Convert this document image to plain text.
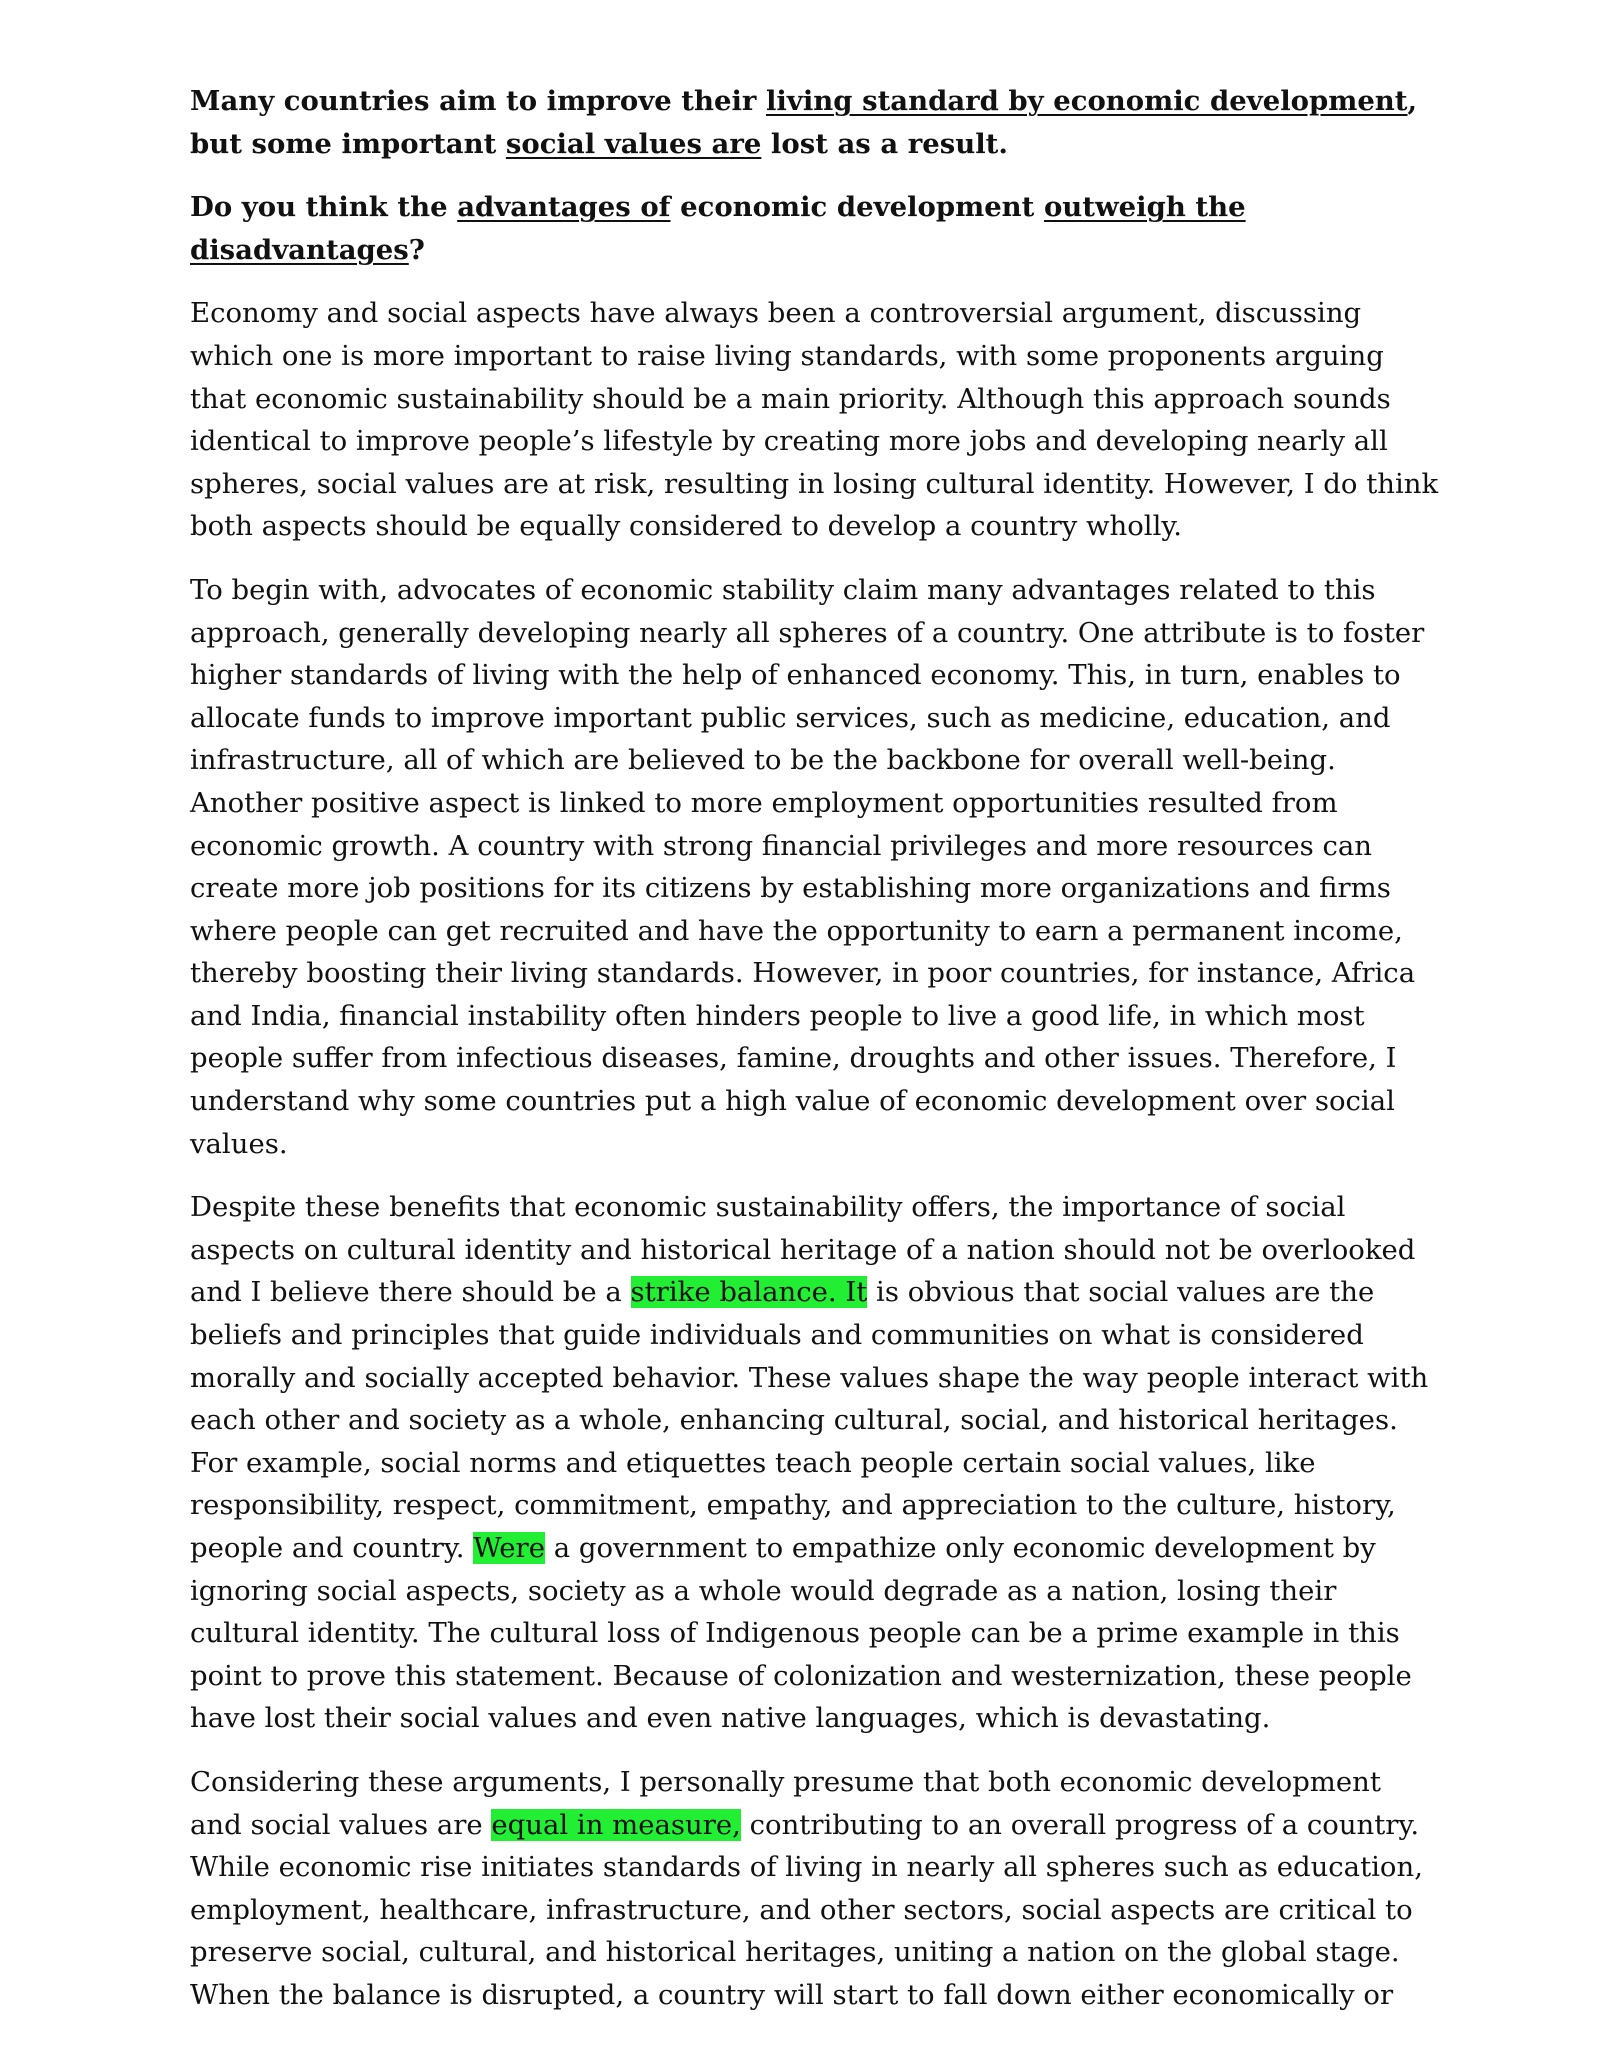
Many countries aim to improve their living standard by economic development, but some important social values are lost as a result.

Do you think the advantages of economic development outweigh the disadvantages?

Economy and social aspects have always been a controversial argument, discussing which one is more important to raise living standards, with some proponents arguing that economic sustainability should be a main priority. Although this approach sounds identical to improve people’s lifestyle by creating more jobs and developing nearly all spheres, social values are at risk, resulting in losing cultural identity. However, I do think both aspects should be equally considered to develop a country wholly.

To begin with, advocates of economic stability claim many advantages related to this approach, generally developing nearly all spheres of a country. One attribute is to foster higher standards of living with the help of enhanced economy. This, in turn, enables to allocate funds to improve important public services, such as medicine, education, and infrastructure, all of which are believed to be the backbone for overall well-being. Another positive aspect is linked to more employment opportunities resulted from economic growth. A country with strong financial privileges and more resources can create more job positions for its citizens by establishing more organizations and firms where people can get recruited and have the opportunity to earn a permanent income, thereby boosting their living standards. However, in poor countries, for instance, Africa and India, financial instability often hinders people to live a good life, in which most people suffer from infectious diseases, famine, droughts and other issues. Therefore, I understand why some countries put a high value of economic development over social values.

Despite these benefits that economic sustainability offers, the importance of social aspects on cultural identity and historical heritage of a nation should not be overlooked and I believe there should be a strike balance. It is obvious that social values are the beliefs and principles that guide individuals and communities on what is considered morally and socially accepted behavior. These values shape the way people interact with each other and society as a whole, enhancing cultural, social, and historical heritages. For example, social norms and etiquettes teach people certain social values, like responsibility, respect, commitment, empathy, and appreciation to the culture, history, people and country. Were a government to empathize only economic development by ignoring social aspects, society as a whole would degrade as a nation, losing their cultural identity. The cultural loss of Indigenous people can be a prime example in this point to prove this statement. Because of colonization and westernization, these people have lost their social values and even native languages, which is devastating.

Considering these arguments, I personally presume that both economic development and social values are equal in measure, contributing to an overall progress of a country. While economic rise initiates standards of living in nearly all spheres such as education, employment, healthcare, infrastructure, and other sectors, social aspects are critical to preserve social, cultural, and historical heritages, uniting a nation on the global stage. When the balance is disrupted, a country will start to fall down either economically or
